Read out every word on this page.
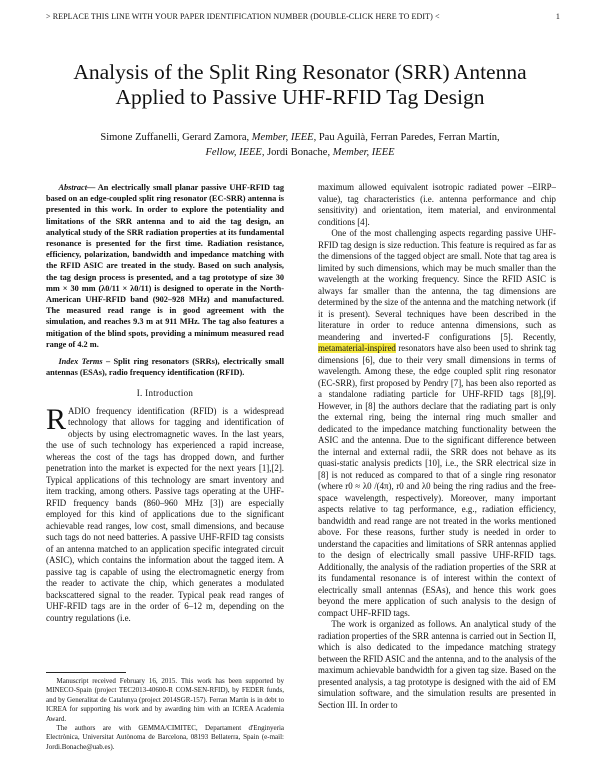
> REPLACE THIS LINE WITH YOUR PAPER IDENTIFICATION NUMBER (DOUBLE-CLICK HERE TO EDIT) <	1
Analysis of the Split Ring Resonator (SRR) Antenna
Applied to Passive UHF-RFID Tag Design
Simone Zuffanelli, Gerard Zamora, Member, IEEE, Pau Aguilà, Ferran Paredes, Ferran Martín,
Fellow, IEEE, Jordi Bonache, Member, IEEE

Abstract— An electrically small planar passive UHF-RFID tag based on an edge-coupled split ring resonator (EC-SRR) antenna is presented in this work. In order to explore the potentiality and limitations of the SRR antenna and to aid the tag design, an analytical study of the SRR radiation properties at its fundamental resonance is presented for the first time. Radiation resistance, efficiency, polarization, bandwidth and impedance matching with the RFID ASIC are treated in the study. Based on such analysis, the tag design process is presented, and a tag prototype of size 30 mm × 30 mm (λ0/11 × λ0/11) is designed to operate in the North-American UHF-RFID band (902–928 MHz) and manufactured. The measured read range is in good agreement with the simulation, and reaches 9.3 m at 911 MHz. The tag also features a mitigation of the blind spots, providing a minimum measured read range of 4.2 m.

Index Terms – Split ring resonators (SRRs), electrically small antennas (ESAs), radio frequency identification (RFID).

I. Introduction

RADIO frequency identification (RFID) is a widespread technology that allows for tagging and identification of objects by using electromagnetic waves. In the last years, the use of such technology has experienced a rapid increase, whereas the cost of the tags has dropped down, and further penetration into the market is expected for the next years [1],[2]. Typical applications of this technology are smart inventory and item tracking, among others. Passive tags operating at the UHF-RFID frequency bands (860–960 MHz [3]) are especially employed for this kind of applications due to the significant achievable read ranges, low cost, small dimensions, and because such tags do not need batteries. A passive UHF-RFID tag consists of an antenna matched to an application specific integrated circuit (ASIC), which contains the information about the tagged item. A passive tag is capable of using the electromagnetic energy from the reader to activate the chip, which generates a modulated backscattered signal to the reader. Typical peak read ranges of UHF-RFID tags are in the order of 6–12 m, depending on the country regulations (i.e.

Manuscript received February 16, 2015. This work has been supported by MINECO-Spain (project TEC2013-40600-R COM-SEN-RFID), by FEDER funds, and by Generalitat de Catalunya (project 2014SGR-157). Ferran Martín is in debt to ICREA for supporting his work and by awarding him with an ICREA Academia Award.

The authors are with GEMMA/CIMITEC, Departament d'Enginyeria Electrònica, Universitat Autònoma de Barcelona, 08193 Bellaterra, Spain (e-mail: Jordi.Bonache@uab.es).

maximum allowed equivalent isotropic radiated power –EIRP– value), tag characteristics (i.e. antenna performance and chip sensitivity) and orientation, item material, and environmental conditions [4].

One of the most challenging aspects regarding passive UHF-RFID tag design is size reduction. This feature is required as far as the dimensions of the tagged object are small. Note that tag area is limited by such dimensions, which may be much smaller than the wavelength at the working frequency. Since the RFID ASIC is always far smaller than the antenna, the tag dimensions are determined by the size of the antenna and the matching network (if it is present). Several techniques have been described in the literature in order to reduce antenna dimensions, such as meandering and inverted-F configurations [5]. Recently, metamaterial-inspired resonators have also been used to shrink tag dimensions [6], due to their very small dimensions in terms of wavelength. Among these, the edge coupled split ring resonator (EC-SRR), first proposed by Pendry [7], has been also reported as a standalone radiating particle for UHF-RFID tags [8],[9]. However, in [8] the authors declare that the radiating part is only the external ring, being the internal ring much smaller and dedicated to the impedance matching functionality between the ASIC and the antenna. Due to the significant difference between the internal and external radii, the SRR does not behave as its quasi-static analysis predicts [10], i.e., the SRR electrical size in [8] is not reduced as compared to that of a single ring resonator (where r0 ≈ λ0 /(4π), r0 and λ0 being the ring radius and the free-space wavelength, respectively). Moreover, many important aspects relative to tag performance, e.g., radiation efficiency, bandwidth and read range are not treated in the works mentioned above. For these reasons, further study is needed in order to understand the capacities and limitations of SRR antennas applied to the design of electrically small passive UHF-RFID tags. Additionally, the analysis of the radiation properties of the SRR at its fundamental resonance is of interest within the context of electrically small antennas (ESAs), and hence this work goes beyond the mere application of such analysis to the design of compact UHF-RFID tags.

The work is organized as follows. An analytical study of the radiation properties of the SRR antenna is carried out in Section II, which is also dedicated to the impedance matching strategy between the RFID ASIC and the antenna, and to the analysis of the maximum achievable bandwidth for a given tag size. Based on the presented analysis, a tag prototype is designed with the aid of EM simulation software, and the simulation results are presented in Section III. In order to
